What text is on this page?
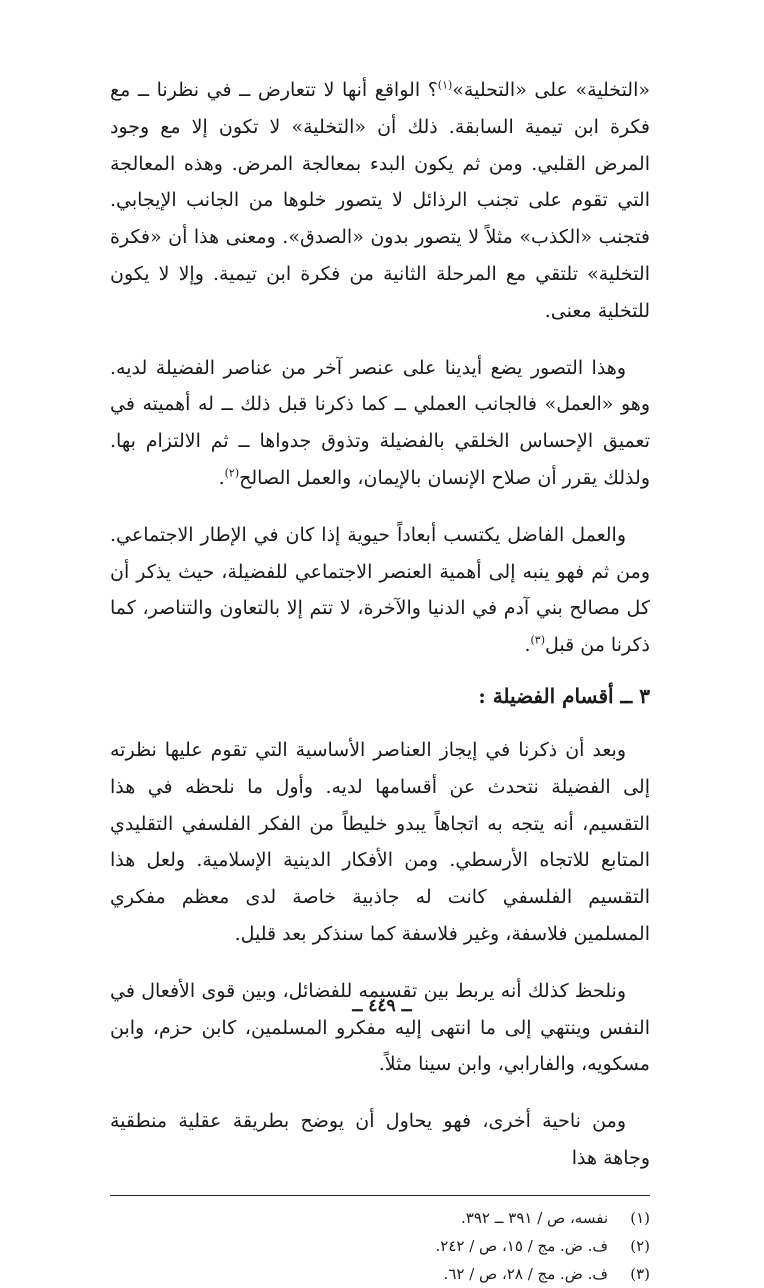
«التخلية» على «التحلية»$^{(١)}$؟ الواقع أنها لا تتعارض ــ في نظرنا ــ مع فكرة ابن تيمية السابقة. ذلك أن «التخلية» لا تكون إلا مع وجود المرض القلبي. ومن ثم يكون البدء بمعالجة المرض. وهذه المعالجة التي تقوم على تجنب الرذائل لا يتصور خلوها من الجانب الإيجابي. فتجنب «الكذب» مثلاً لا يتصور بدون «الصدق». ومعنى هذا أن «فكرة التخلية» تلتقي مع المرحلة الثانية من فكرة ابن تيمية. وإلا لا يكون للتخلية معنى.

وهذا التصور يضع أيدينا على عنصر آخر من عناصر الفضيلة لديه. وهو «العمل» فالجانب العملي ــ كما ذكرنا قبل ذلك ــ له أهميته في تعميق الإحساس الخلقي بالفضيلة وتذوق جدواها ــ ثم الالتزام بها. ولذلك يقرر أن صلاح الإنسان بالإيمان، والعمل الصالح$^{(٢)}$.

والعمل الفاضل يكتسب أبعاداً حيوية إذا كان في الإطار الاجتماعي. ومن ثم فهو ينبه إلى أهمية العنصر الاجتماعي للفضيلة، حيث يذكر أن كل مصالح بني آدم في الدنيا والآخرة، لا تتم إلا بالتعاون والتناصر، كما ذكرنا من قبل$^{(٣)}$.

٣ ــ أقسام الفضيلة :

وبعد أن ذكرنا في إيجاز العناصر الأساسية التي تقوم عليها نظرته إلى الفضيلة نتحدث عن أقسامها لديه. وأول ما نلحظه في هذا التقسيم، أنه يتجه به اتجاهاً يبدو خليطاً من الفكر الفلسفي التقليدي المتابع للاتجاه الأرسطي. ومن الأفكار الدينية الإسلامية. ولعل هذا التقسيم الفلسفي كانت له جاذبية خاصة لدى معظم مفكري المسلمين فلاسفة، وغير فلاسفة كما سنذكر بعد قليل.

ونلحظ كذلك أنه يربط بين تقسيمه للفضائل، وبين قوى الأفعال في النفس وينتهي إلى ما انتهى إليه مفكرو المسلمين، كابن حزم، وابن مسكويه، والفارابي، وابن سينا مثلاً.

ومن ناحية أخرى، فهو يحاول أن يوضح بطريقة عقلية منطقية وجاهة هذا

(١)
نفسه، ص / ٣٩١ ــ ٣٩٢.
(٢)
ف. ض. مج / ١٥، ص / ٢٤٢.
(٣)
ف. ض. مج / ٢٨، ص / ٦٢.
ــ ٤٤٩ ــ
